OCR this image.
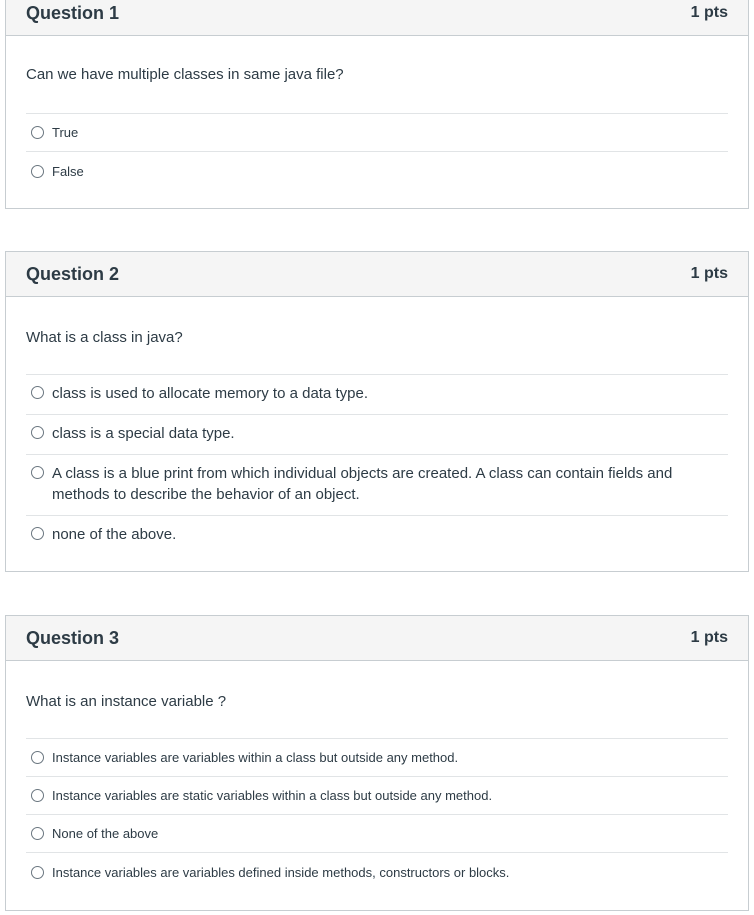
Question 1	1 pts
Can we have multiple classes in same java file?
True
False
Question 2	1 pts
What is a class in java?
class is used to allocate memory to a data type.
class is a special data type.
A class is a blue print from which individual objects are created. A class can contain fields and methods to describe the behavior of an object.
none of the above.
Question 3	1 pts
What is an instance variable ?
Instance variables are variables within a class but outside any method.
Instance variables are static variables within a class but outside any method.
None of the above
Instance variables are variables defined inside methods, constructors or blocks.
